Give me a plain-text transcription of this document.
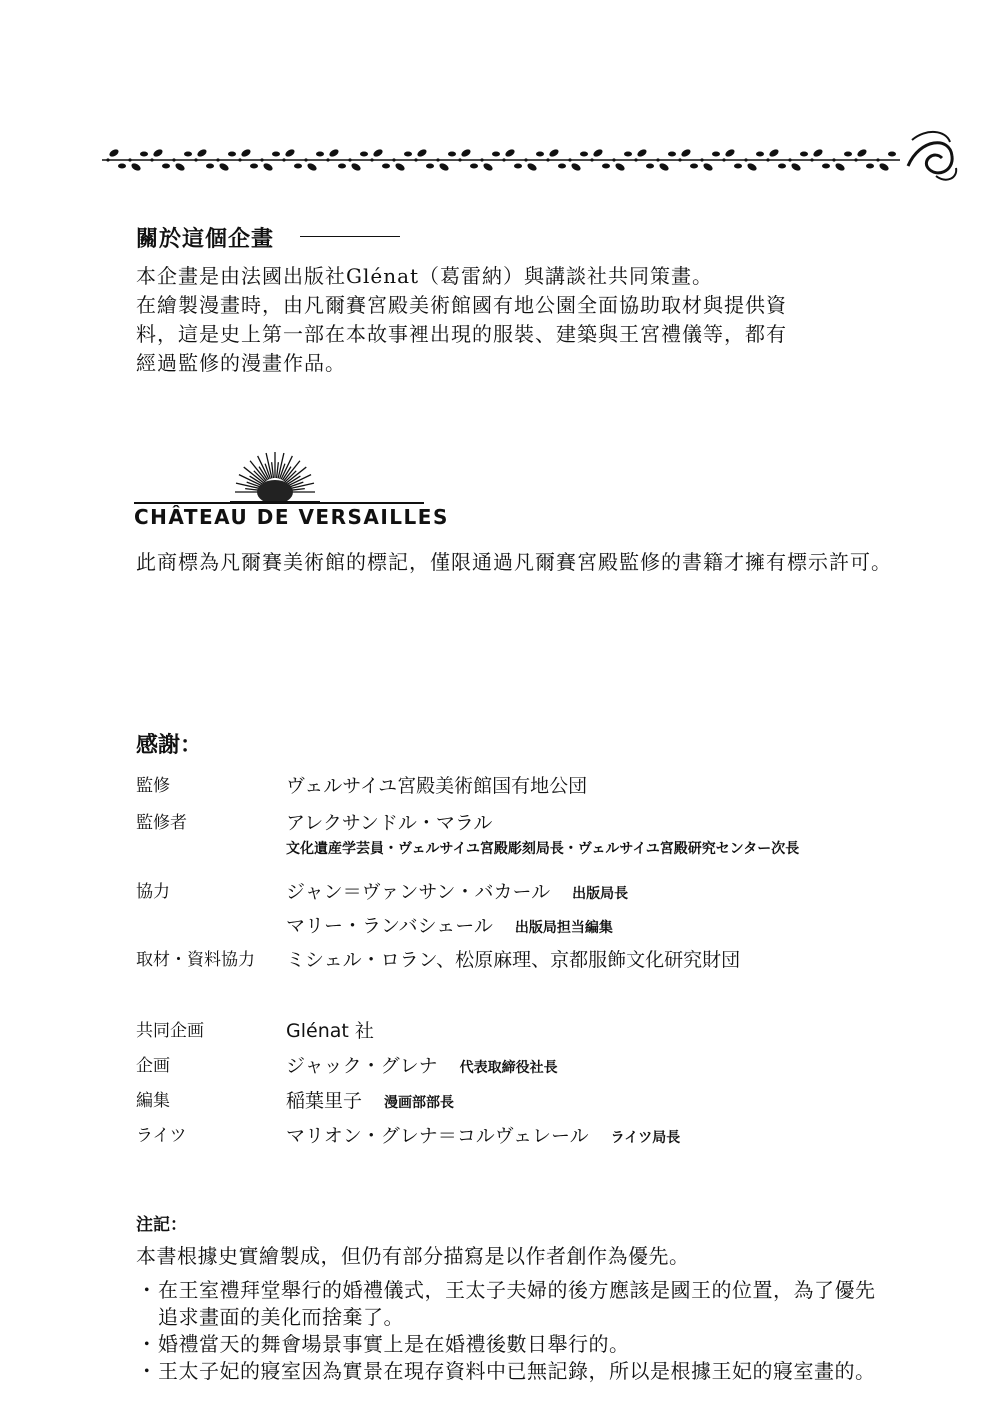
關於這個企畫
本企畫是由法國出版社Glénat（葛雷納）與講談社共同策畫。
在繪製漫畫時，由凡爾賽宮殿美術館國有地公園全面協助取材與提供資
料，這是史上第一部在本故事裡出現的服裝、建築與王宮禮儀等，都有
經過監修的漫畫作品。
CHÂTEAU DE VERSAILLES
此商標為凡爾賽美術館的標記，僅限通過凡爾賽宮殿監修的書籍才擁有標示許可。
感謝：
監修	ヴェルサイユ宮殿美術館国有地公団
監修者	アレクサンドル・マラル
文化遺産学芸員・ヴェルサイユ宮殿彫刻局長・ヴェルサイユ宮殿研究センター次長
協力	ジャン＝ヴァンサン・バカール 出版局長
マリー・ランバシェール 出版局担当編集
取材・資料協力 ミシェル・ロラン、松原麻理、京都服飾文化研究財団
共同企画	Glénat 社
企画	ジャック・グレナ 代表取締役社長
編集	稲葉里子 漫画部部長
ライツ	マリオン・グレナ＝コルヴェレール ライツ局長
注記：
本書根據史實繪製成，但仍有部分描寫是以作者創作為優先。
・在王室禮拜堂舉行的婚禮儀式，王太子夫婦的後方應該是國王的位置，為了優先
追求畫面的美化而捨棄了。
・婚禮當天的舞會場景事實上是在婚禮後數日舉行的。
・王太子妃的寢室因為實景在現存資料中已無記錄，所以是根據王妃的寢室畫的。
